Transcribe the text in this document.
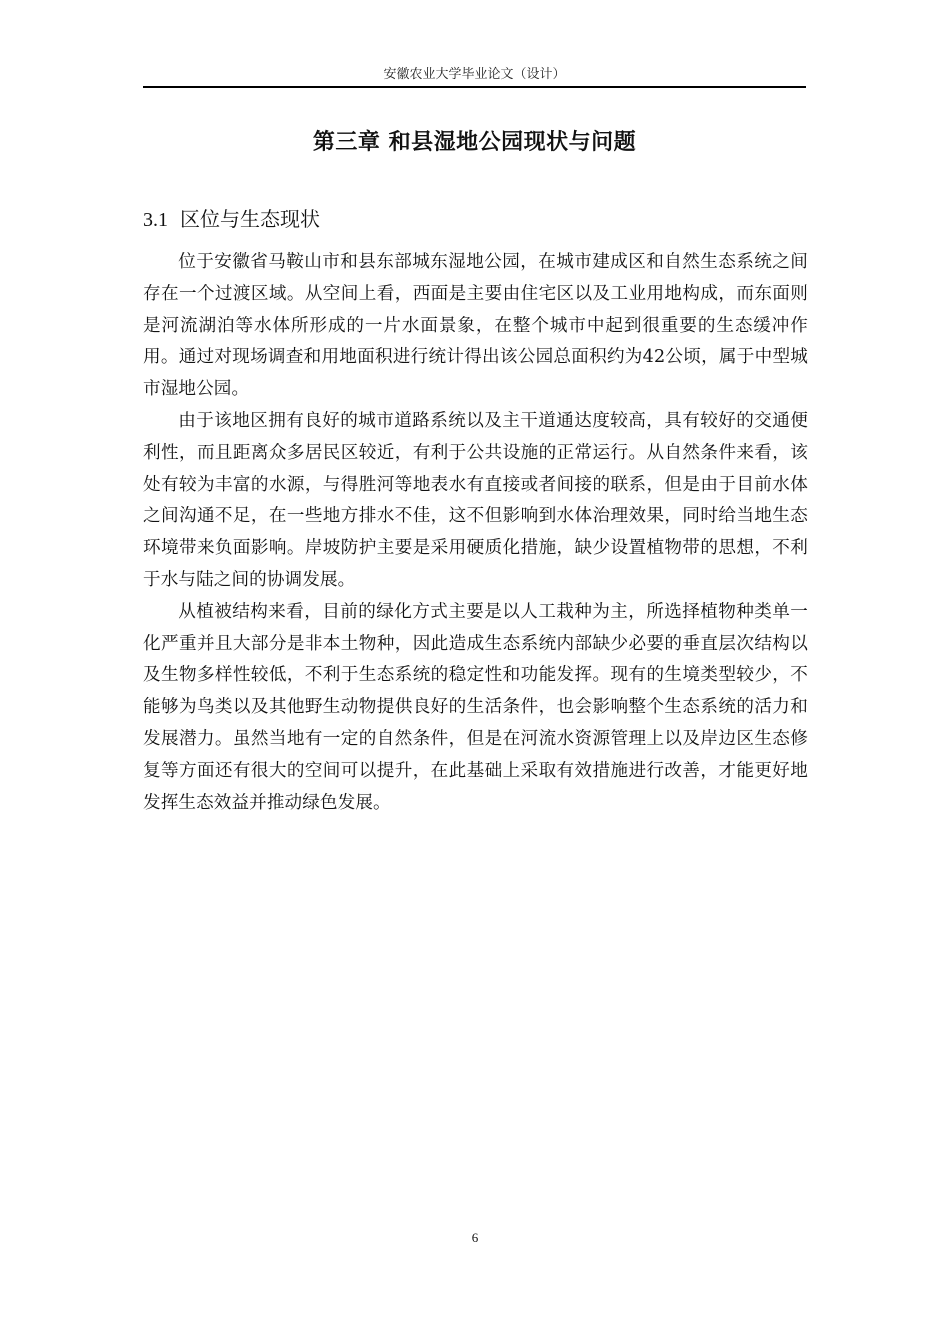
安徽农业大学毕业论文（设计）
第三章 和县湿地公园现状与问题
3.1 区位与生态现状

位于安徽省马鞍山市和县东部城东湿地公园，在城市建成区和自然生态系统之间存在一个过渡区域。从空间上看，西面是主要由住宅区以及工业用地构成，而东面则是河流湖泊等水体所形成的一片水面景象，在整个城市中起到很重要的生态缓冲作用。通过对现场调查和用地面积进行统计得出该公园总面积约为42公顷，属于中型城市湿地公园。

由于该地区拥有良好的城市道路系统以及主干道通达度较高，具有较好的交通便利性，而且距离众多居民区较近，有利于公共设施的正常运行。从自然条件来看，该处有较为丰富的水源，与得胜河等地表水有直接或者间接的联系，但是由于目前水体之间沟通不足，在一些地方排水不佳，这不但影响到水体治理效果，同时给当地生态环境带来负面影响。岸坡防护主要是采用硬质化措施，缺少设置植物带的思想，不利于水与陆之间的协调发展。

从植被结构来看，目前的绿化方式主要是以人工栽种为主，所选择植物种类单一化严重并且大部分是非本土物种，因此造成生态系统内部缺少必要的垂直层次结构以及生物多样性较低，不利于生态系统的稳定性和功能发挥。现有的生境类型较少，不能够为鸟类以及其他野生动物提供良好的生活条件，也会影响整个生态系统的活力和发展潜力。虽然当地有一定的自然条件，但是在河流水资源管理上以及岸边区生态修复等方面还有很大的空间可以提升，在此基础上采取有效措施进行改善，才能更好地发挥生态效益并推动绿色发展。

6
